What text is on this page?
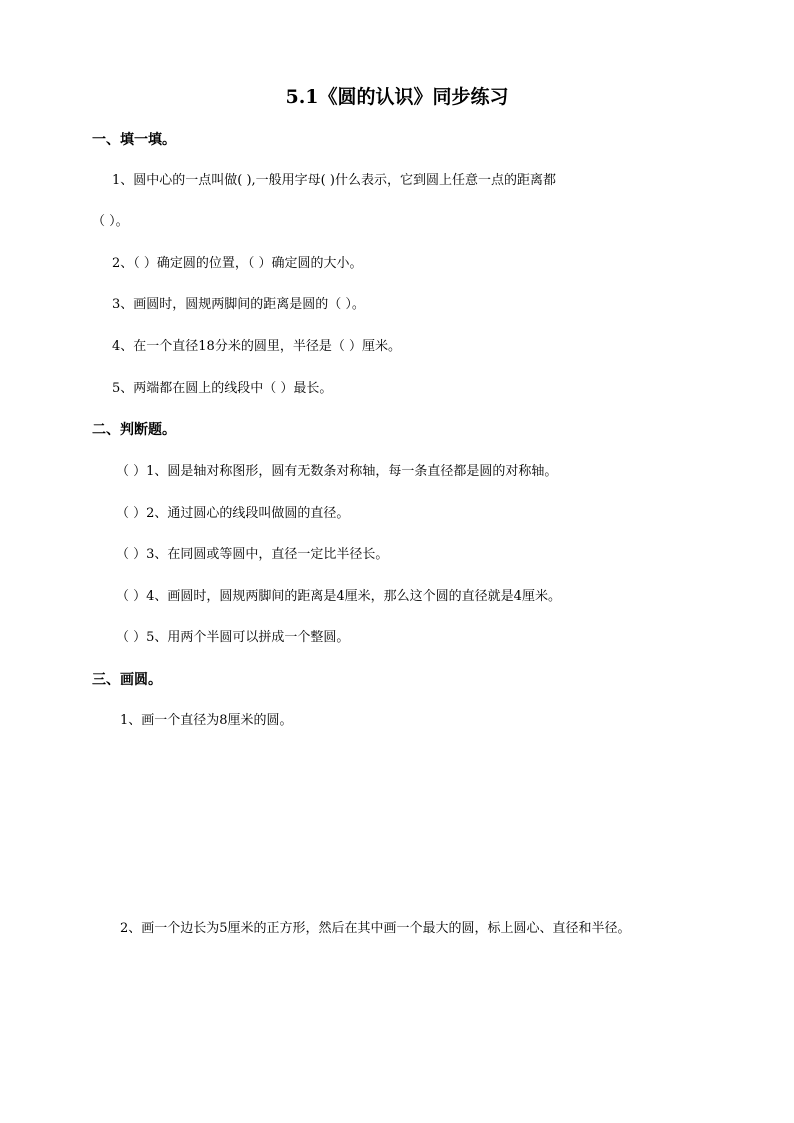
5.1《圆的认识》同步练习
一、填一填。
1、圆中心的一点叫做( ),一般用字母( )什么表示，它到圆上任意一点的距离都
（ ）。
2、（ ）确定圆的位置，（ ）确定圆的大小。
3、画圆时，圆规两脚间的距离是圆的（ ）。
4、在一个直径18分米的圆里，半径是（ ）厘米。
5、两端都在圆上的线段中（ ）最长。
二、判断题。
（ ）1、圆是轴对称图形，圆有无数条对称轴，每一条直径都是圆的对称轴。
（ ）2、通过圆心的线段叫做圆的直径。
（ ）3、在同圆或等圆中，直径一定比半径长。
（ ）4、画圆时，圆规两脚间的距离是4厘米，那么这个圆的直径就是4厘米。
（ ）5、用两个半圆可以拼成一个整圆。
三、画圆。
1、画一个直径为8厘米的圆。
2、画一个边长为5厘米的正方形，然后在其中画一个最大的圆，标上圆心、直径和半径。
